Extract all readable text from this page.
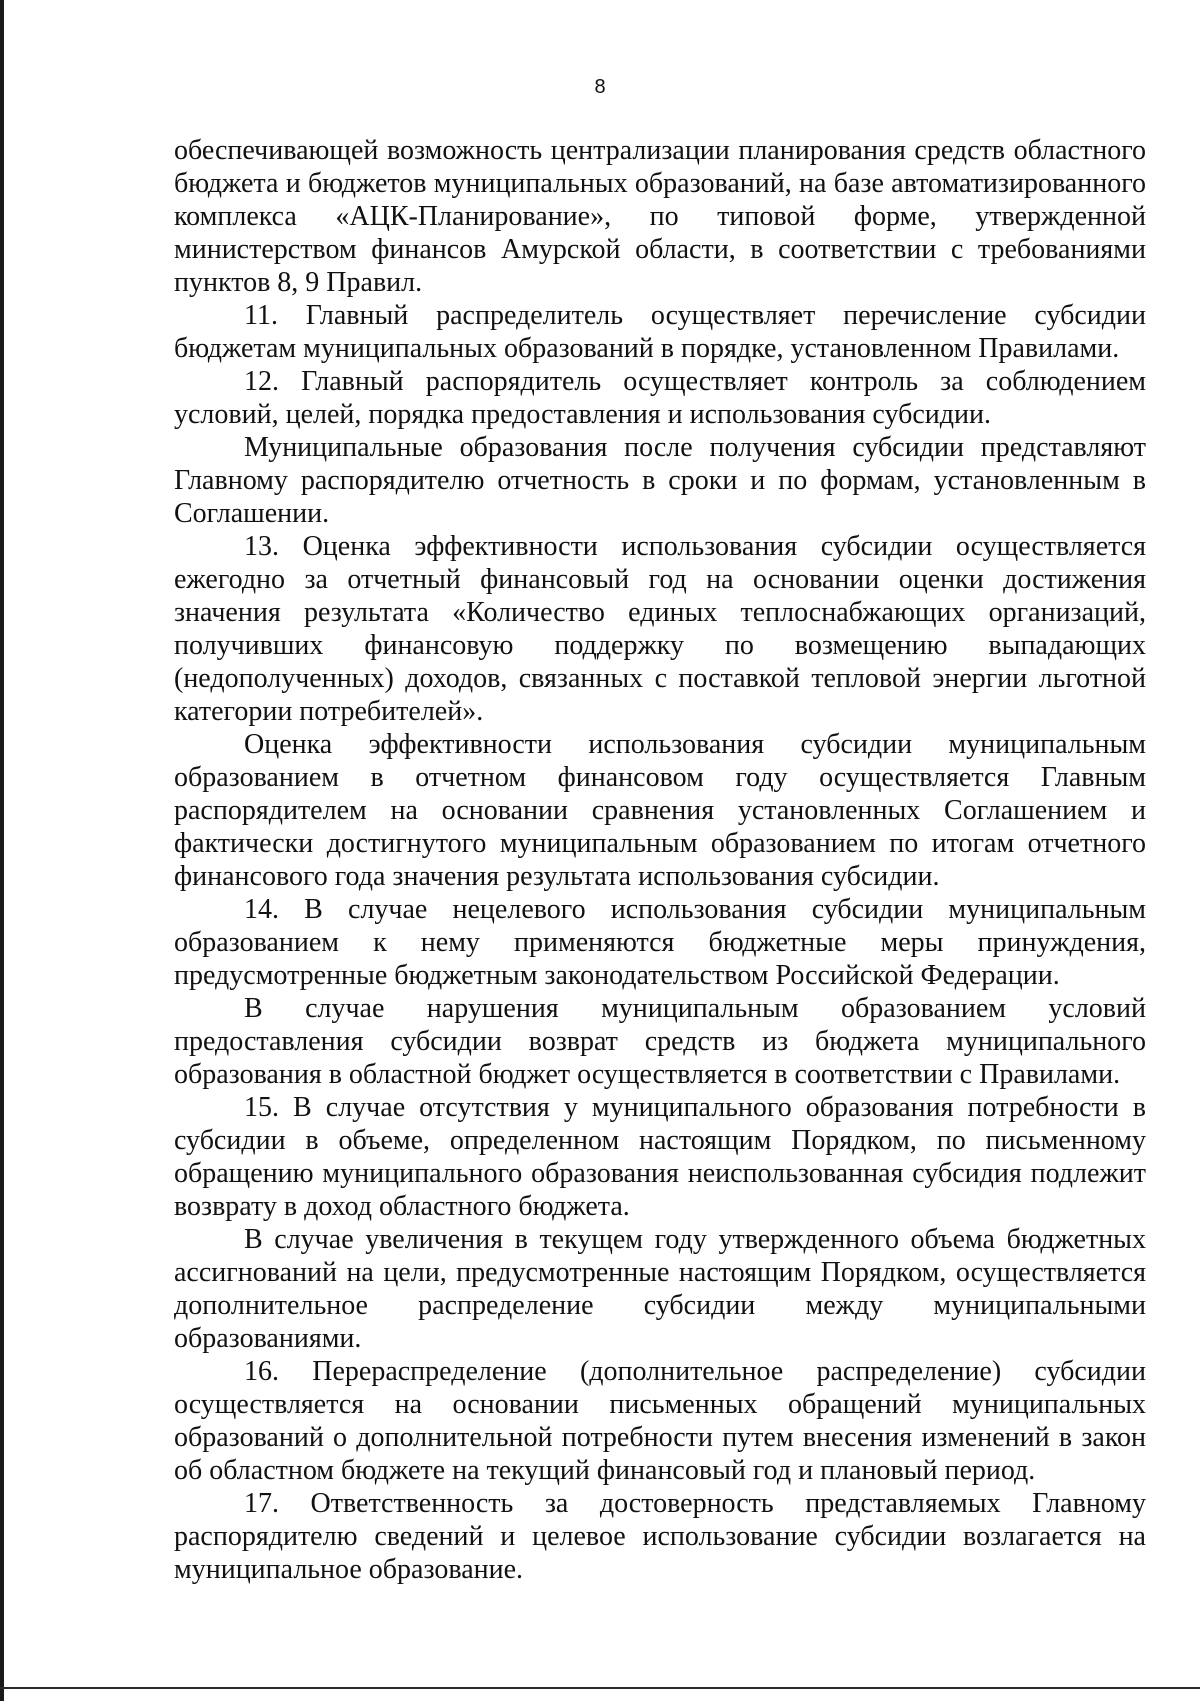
8

обеспечивающей возможность централизации планирования средств областного бюджета и бюджетов муниципальных образований, на базе автоматизированного комплекса «АЦК-Планирование», по типовой форме, утвержденной министерством финансов Амурской области, в соответствии с требованиями пунктов 8, 9 Правил.

11. Главный распределитель осуществляет перечисление субсидии бюджетам муниципальных образований в порядке, установленном Правилами.

12. Главный распорядитель осуществляет контроль за соблюдением условий, целей, порядка предоставления и использования субсидии.

Муниципальные образования после получения субсидии представляют Главному распорядителю отчетность в сроки и по формам, установленным в Соглашении.

13. Оценка эффективности использования субсидии осуществляется ежегодно за отчетный финансовый год на основании оценки достижения значения результата «Количество единых теплоснабжающих организаций, получивших финансовую поддержку по возмещению выпадающих (недополученных) доходов, связанных с поставкой тепловой энергии льготной категории потребителей».

Оценка эффективности использования субсидии муниципальным образованием в отчетном финансовом году осуществляется Главным распорядителем на основании сравнения установленных Соглашением и фактически достигнутого муниципальным образованием по итогам отчетного финансового года значения результата использования субсидии.

14. В случае нецелевого использования субсидии муниципальным образованием к нему применяются бюджетные меры принуждения, предусмотренные бюджетным законодательством Российской Федерации.

В случае нарушения муниципальным образованием условий предоставления субсидии возврат средств из бюджета муниципального образования в областной бюджет осуществляется в соответствии с Правилами.

15. В случае отсутствия у муниципального образования потребности в субсидии в объеме, определенном настоящим Порядком, по письменному обращению муниципального образования неиспользованная субсидия подлежит возврату в доход областного бюджета.

В случае увеличения в текущем году утвержденного объема бюджетных ассигнований на цели, предусмотренные настоящим Порядком, осуществляется дополнительное распределение субсидии между муниципальными образованиями.

16. Перераспределение (дополнительное распределение) субсидии осуществляется на основании письменных обращений муниципальных образований о дополнительной потребности путем внесения изменений в закон об областном бюджете на текущий финансовый год и плановый период.

17. Ответственность за достоверность представляемых Главному распорядителю сведений и целевое использование субсидии возлагается на муниципальное образование.
